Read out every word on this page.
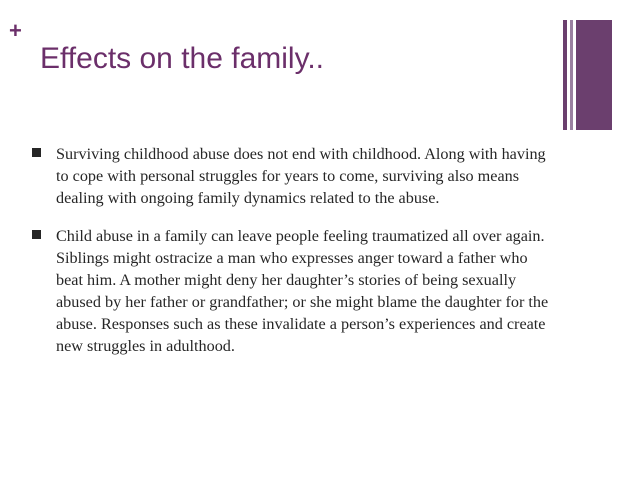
+
Effects on the family..
Surviving childhood abuse does not end with childhood. Along with having to cope with personal struggles for years to come, surviving also means dealing with ongoing family dynamics related to the abuse.
Child abuse in a family can leave people feeling traumatized all over again. Siblings might ostracize a man who expresses anger toward a father who beat him. A mother might deny her daughter’s stories of being sexually abused by her father or grandfather; or she might blame the daughter for the abuse. Responses such as these invalidate a person’s experiences and create new struggles in adulthood.
